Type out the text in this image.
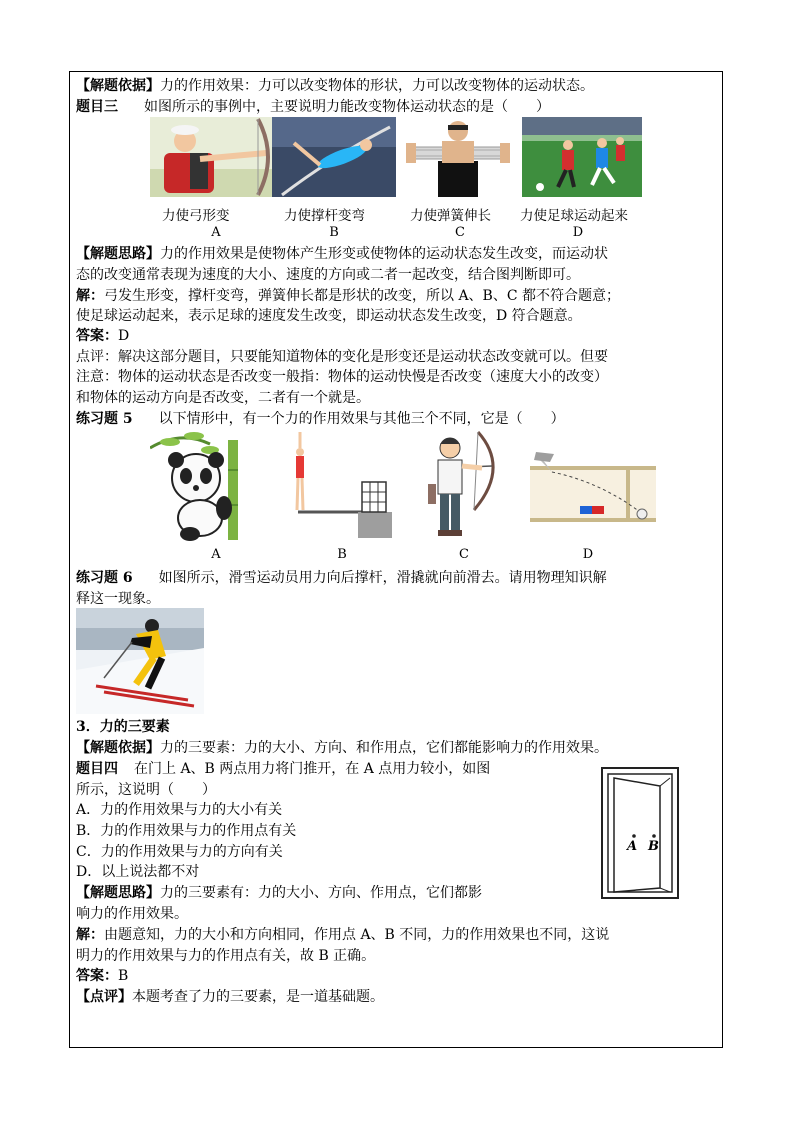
【解题依据】力的作用效果：力可以改变物体的形状，力可以改变物体的运动状态。
题目三 如图所示的事例中，主要说明力能改变物体运动状态的是（　　）
力使弓形变	力使撑杆变弯	力使弹簧伸长 力使足球运动起来
A	B	C	D
【解题思路】力的作用效果是使物体产生形变或使物体的运动状态发生改变，而运动状
态的改变通常表现为速度的大小、速度的方向或二者一起改变，结合图判断即可。
解：弓发生形变，撑杆变弯，弹簧伸长都是形状的改变，所以 A、B、C 都不符合题意；
使足球运动起来，表示足球的速度发生改变，即运动状态发生改变，D 符合题意。
答案：D
点评：解决这部分题目，只要能知道物体的变化是形变还是运动状态改变就可以。但要
注意：物体的运动状态是否改变一般指：物体的运动快慢是否改变（速度大小的改变）
和物体的运动方向是否改变，二者有一个就是。
练习题 5 以下情形中，有一个力的作用效果与其他三个不同，它是（　　）
A	B	C	D
练习题 6 如图所示，滑雪运动员用力向后撑杆，滑撬就向前滑去。请用物理知识解
释这一现象。
3．力的三要素
【解题依据】力的三要素：力的大小、方向、和作用点，它们都能影响力的作用效果。
题目四 在门上 A、B 两点用力将门推开，在 A 点用力较小，如图
所示，这说明（　　）
A．力的作用效果与力的大小有关
B．力的作用效果与力的作用点有关
C．力的作用效果与力的方向有关
D．以上说法都不对
【解题思路】力的三要素有：力的大小、方向、作用点，它们都影
响力的作用效果。
A B
解：由题意知，力的大小和方向相同，作用点 A、B 不同，力的作用效果也不同，这说
明力的作用效果与力的作用点有关，故 B 正确。
答案：B
【点评】本题考查了力的三要素，是一道基础题。
